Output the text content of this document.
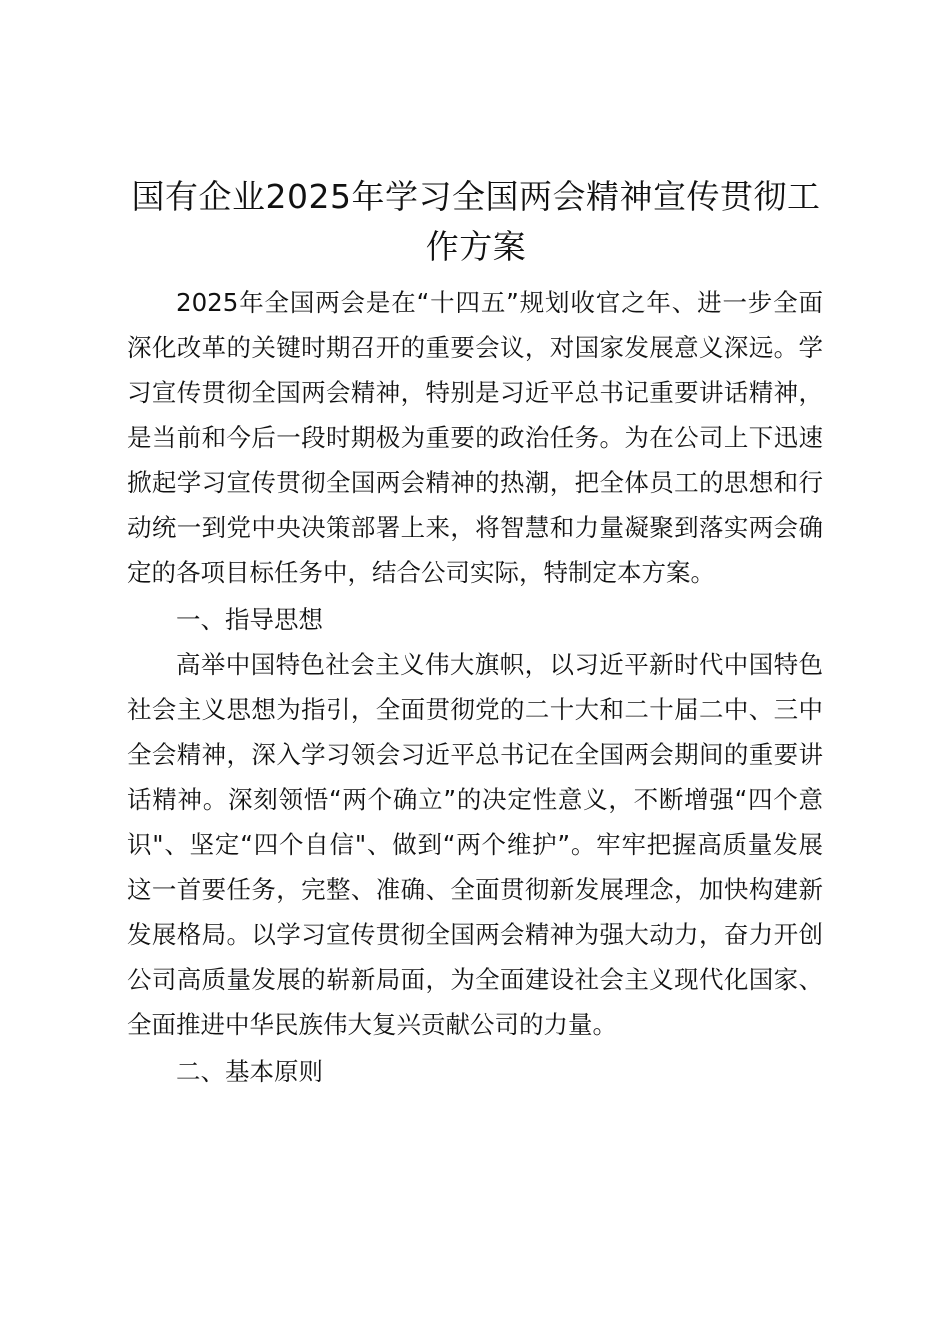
国有企业2025年学习全国两会精神宣传贯彻工作方案

2025年全国两会是在“十四五”规划收官之年、进一步全面深化改革的关键时期召开的重要会议，对国家发展意义深远。学习宣传贯彻全国两会精神，特别是习近平总书记重要讲话精神，是当前和今后一段时期极为重要的政治任务。为在公司上下迅速掀起学习宣传贯彻全国两会精神的热潮，把全体员工的思想和行动统一到党中央决策部署上来，将智慧和力量凝聚到落实两会确定的各项目标任务中，结合公司实际，特制定本方案。

一、指导思想

高举中国特色社会主义伟大旗帜，以习近平新时代中国特色社会主义思想为指引，全面贯彻党的二十大和二十届二中、三中全会精神，深入学习领会习近平总书记在全国两会期间的重要讲话精神。深刻领悟“两个确立”的决定性意义，不断增强“四个意识"、坚定“四个自信"、做到“两个维护”。牢牢把握高质量发展这一首要任务，完整、准确、全面贯彻新发展理念，加快构建新发展格局。以学习宣传贯彻全国两会精神为强大动力，奋力开创公司高质量发展的崭新局面，为全面建设社会主义现代化国家、全面推进中华民族伟大复兴贡献公司的力量。

二、基本原则
